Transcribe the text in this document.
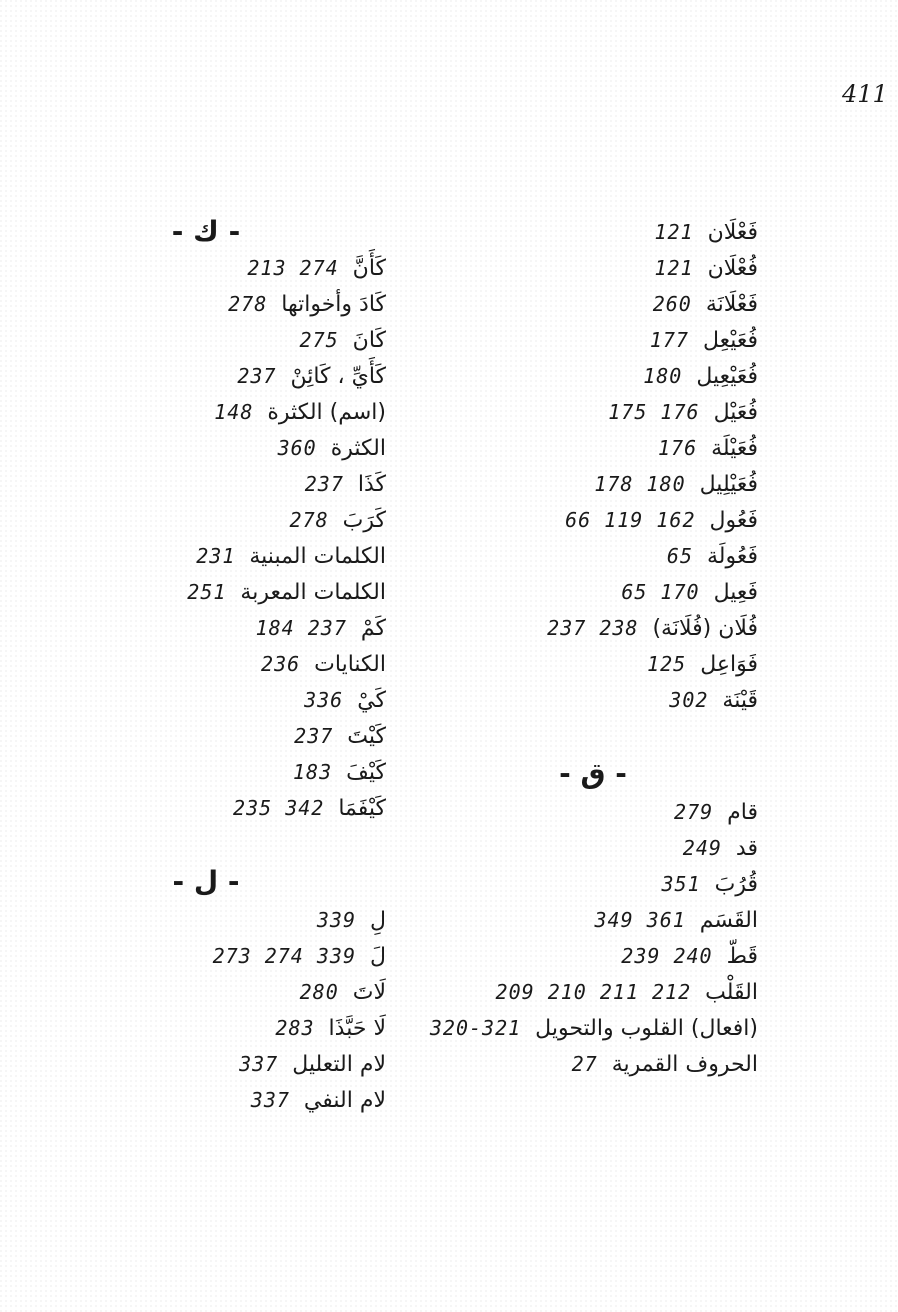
411
فَعْلَان121
فُعْلَان121
فَعْلَانَة260
فُعَيْعِل177
فُعَيْعِيل180
فُعَيْل175 176
فُعَيْلَة176
فُعَيْلِيل178 180
فَعُول66 119 162
فَعُولَة65
فَعِيل65 170
فُلَان (فُلَانَة)237 238
فَوَاعِل125
قَيْنَة302
- ق -
قام279
قد249
قُرُبَ351
القَسَم349 361
قَطّ239 240
القَلْب209 210 211 212
(افعال) القلوب والتحويل320-321
الحروف القمرية27
- ك -
كَأَنَّ213 274
كَادَ وأخواتها278
كَانَ275
كَأَيِّ ، كَائِنْ237
(اسم) الكثرة148
الكثرة360
كَذَا237
كَرَبَ278
الكلمات المبنية231
الكلمات المعربة251
كَمْ184 237
الكنايات236
كَيْ336
كَيْتَ237
كَيْفَ183
كَيْفَمَا235 342
- ل -
لِ339
لَ273 274 339
لَاتَ280
لَا حَبَّذَا283
لام التعليل337
لام النفي337
